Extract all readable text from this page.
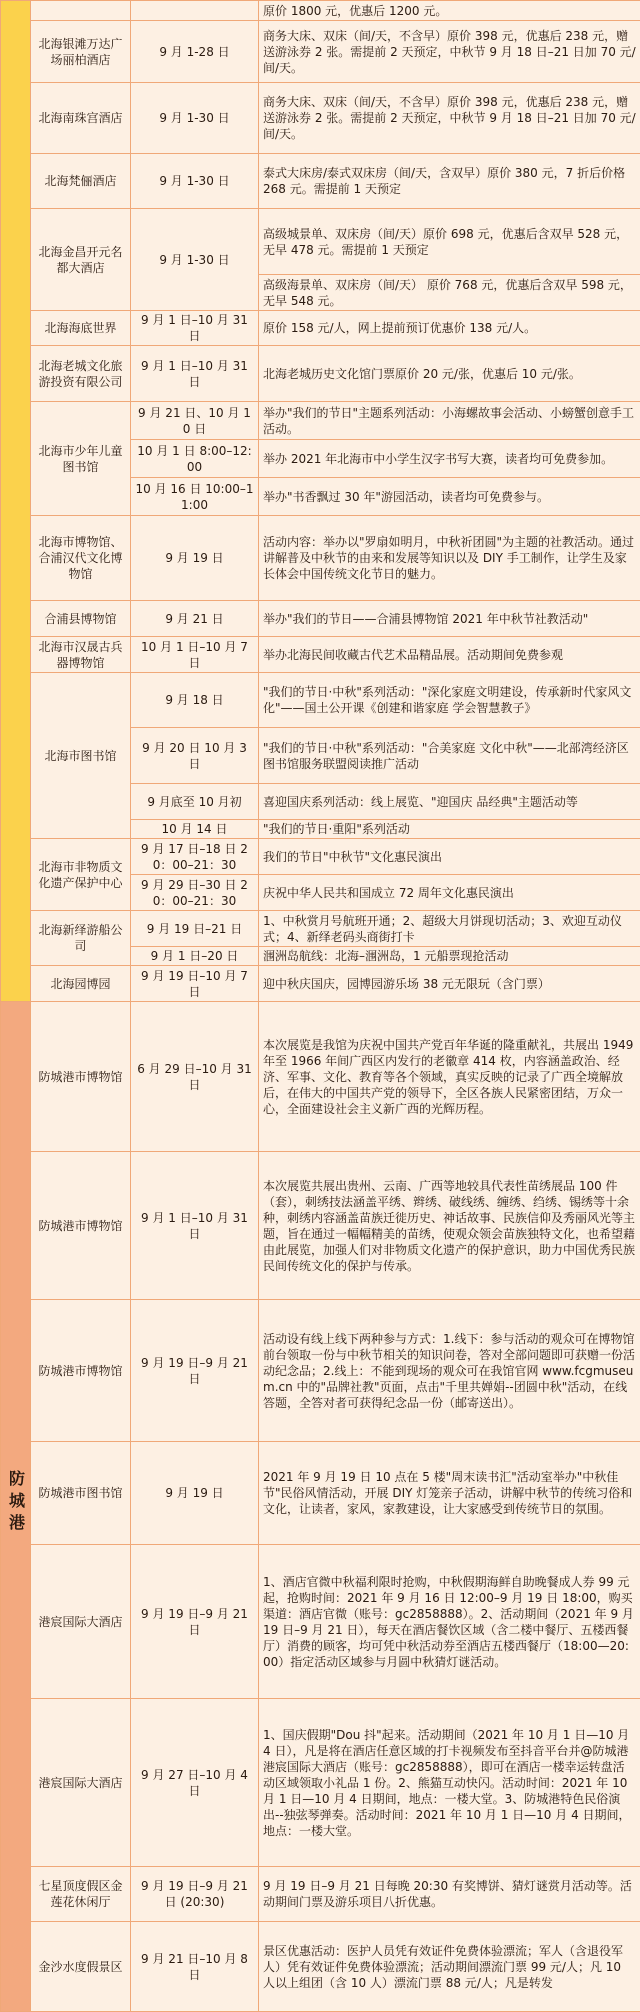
			原价 1800 元，优惠后 1200 元。
	北海银滩万达广场丽柏酒店	9 月 1-28 日	商务大床、双床（间/天，不含早）原价 398 元，优惠后 238 元，赠送游泳券 2 张。需提前 2 天预定，中秋节 9 月 18 日–21 日加 70 元/间/天。
	北海南珠宫酒店	9 月 1-30 日	商务大床、双床（间/天，不含早）原价 398 元，优惠后 238 元，赠送游泳券 2 张。需提前 2 天预定，中秋节 9 月 18 日–21 日加 70 元/间/天。
	北海梵俪酒店	9 月 1-30 日	泰式大床房/泰式双床房（间/天，含双早）原价 380 元，7 折后价格 268 元。需提前 1 天预定
	北海金昌开元名都大酒店	9 月 1-30 日	高级城景单、双床房（间/天）原价 698 元，优惠后含双早 528 元，无早 478 元。需提前 1 天预定
			高级海景单、双床房（间/天） 原价 768 元，优惠后含双早 598 元，无早 548 元。
	北海海底世界	9 月 1 日–10 月 31 日	原价 158 元/人，网上提前预订优惠价 138 元/人。
	北海老城文化旅游投资有限公司	9 月 1 日–10 月 31 日	北海老城历史文化馆门票原价 20 元/张，优惠后 10 元/张。
	北海市少年儿童图书馆	9 月 21 日、10 月 10 日	举办"我们的节日"主题系列活动：小海螺故事会活动、小螃蟹创意手工活动。
		10 月 1 日 8:00–12:00	举办 2021 年北海市中小学生汉字书写大赛，读者均可免费参加。
		10 月 16 日 10:00–11:00	举办"书香飘过 30 年"游园活动，读者均可免费参与。
	北海市博物馆、合浦汉代文化博物馆	9 月 19 日	活动内容：举办以"罗扇如明月，中秋祈团圆"为主题的社教活动。通过讲解普及中秋节的由来和发展等知识以及 DIY 手工制作，让学生及家长体会中国传统文化节日的魅力。
	合浦县博物馆	9 月 21 日	举办"我们的节日——合浦县博物馆 2021 年中秋节社教活动"
	北海市汉晟古兵器博物馆	10 月 1 日–10 月 7 日	举办北海民间收藏古代艺术品精品展。活动期间免费参观
	北海市图书馆	9 月 18 日	"我们的节日·中秋"系列活动："深化家庭文明建设，传承新时代家风文化"——国土公开课《创建和谐家庭 学会智慧教子》
		9 月 20 日 10 月 3 日	"我们的节日·中秋"系列活动："合美家庭 文化中秋"——北部湾经济区图书馆服务联盟阅读推广活动
		9 月底至 10 月初	喜迎国庆系列活动：线上展览、"迎国庆 品经典"主题活动等
		10 月 14 日	"我们的节日·重阳"系列活动
	北海市非物质文化遗产保护中心	9 月 17 日–18 日 20：00–21：30	我们的节日"中秋节"文化惠民演出
		9 月 29 日–30 日 20：00–21：30	庆祝中华人民共和国成立 72 周年文化惠民演出
	北海新绎游船公司	9 月 19 日–21 日	1、中秋赏月号航班开通；2、超级大月饼现切活动；3、欢迎互动仪式；4、新绎老码头商街打卡
		9 月 1 日–20 日	涠洲岛航线：北海–涠洲岛，1 元船票现抢活动
	北海园博园	9 月 19 日–10 月 7 日	迎中秋庆国庆，园博园游乐场 38 元无限玩（含门票）
防城港	防城港市博物馆	6 月 29 日–10 月 31 日	本次展览是我馆为庆祝中国共产党百年华诞的隆重献礼，共展出 1949 年至 1966 年间广西区内发行的老徽章 414 枚，内容涵盖政治、经济、军事、文化、教育等各个领域，真实反映的记录了广西全境解放后，在伟大的中国共产党的领导下，全区各族人民紧密团结，万众一心，全面建设社会主义新广西的光辉历程。
	防城港市博物馆	9 月 1 日–10 月 31 日	本次展览共展出贵州、云南、广西等地较具代表性苗绣展品 100 件（套），刺绣技法涵盖平绣、辫绣、破线绣、缠绣、绉绣、锡绣等十余种，刺绣内容涵盖苗族迁徙历史、神话故事、民族信仰及秀丽风光等主题，旨在通过一幅幅精美的苗绣，使观众领会苗族独特文化，也希望藉由此展览，加强人们对非物质文化遗产的保护意识，助力中国优秀民族民间传统文化的保护与传承。
	防城港市博物馆	9 月 19 日–9 月 21 日	活动设有线上线下两种参与方式：1.线下：参与活动的观众可在博物馆前台领取一份与中秋节相关的知识问卷，答对全部问题即可获赠一份活动纪念品；2.线上：不能到现场的观众可在我馆官网 www.fcgmuseum.cn 中的"品牌社教"页面，点击"千里共婵娟--团圆中秋"活动，在线答题，全答对者可获得纪念品一份（邮寄送出）。
	防城港市图书馆	9 月 19 日	2021 年 9 月 19 日 10 点在 5 楼"周末读书汇"活动室举办"中秋佳节"民俗风情活动，开展 DIY 灯笼亲子活动，讲解中秋节的传统习俗和文化，让读者，家风，家教建设，让大家感受到传统节日的氛围。
	港宸国际大酒店	9 月 19 日–9 月 21 日	1、酒店官微中秋福利限时抢购，中秋假期海鲜自助晚餐成人券 99 元起，抢购时间：2021 年 9 月 16 日 12:00–9 月 19 日 18:00，购买渠道：酒店官微（账号：gc2858888）。2、活动期间（2021 年 9 月 19 日–9 月 21 日），每天在酒店餐饮区域（含二楼中餐厅、五楼西餐厅）消费的顾客，均可凭中秋活动券至酒店五楼西餐厅（18:00—20:00）指定活动区域参与月圆中秋猜灯谜活动。
	港宸国际大酒店	9 月 27 日–10 月 4 日	1、国庆假期"Dou 抖"起来。活动期间（2021 年 10 月 1 日—10 月 4 日），凡是将在酒店任意区域的打卡视频发布至抖音平台并@防城港港宸国际大酒店（账号：gc2858888），即可在酒店一楼幸运转盘活动区域领取小礼品 1 份。2、熊猫互动快闪。活动时间：2021 年 10 月 1 日—10 月 4 日期间，地点：一楼大堂。3、防城港特色民俗演出--独弦琴弹奏。活动时间：2021 年 10 月 1 日—10 月 4 日期间，地点：一楼大堂。
	七星顶度假区金莲花休闲厅	9 月 19 日–9 月 21 日 (20:30)	9 月 19 日–9 月 21 日每晚 20:30 有奖博饼、猜灯谜赏月活动等。活动期间门票及游乐项目八折优惠。
	金沙水度假景区	9 月 21 日–10 月 8 日	景区优惠活动：医护人员凭有效证件免费体验漂流；军人（含退役军人）凭有效证件免费体验漂流；活动期间漂流门票 99 元/人；凡 10 人以上组团（含 10 人）漂流门票 88 元/人；凡是转发
